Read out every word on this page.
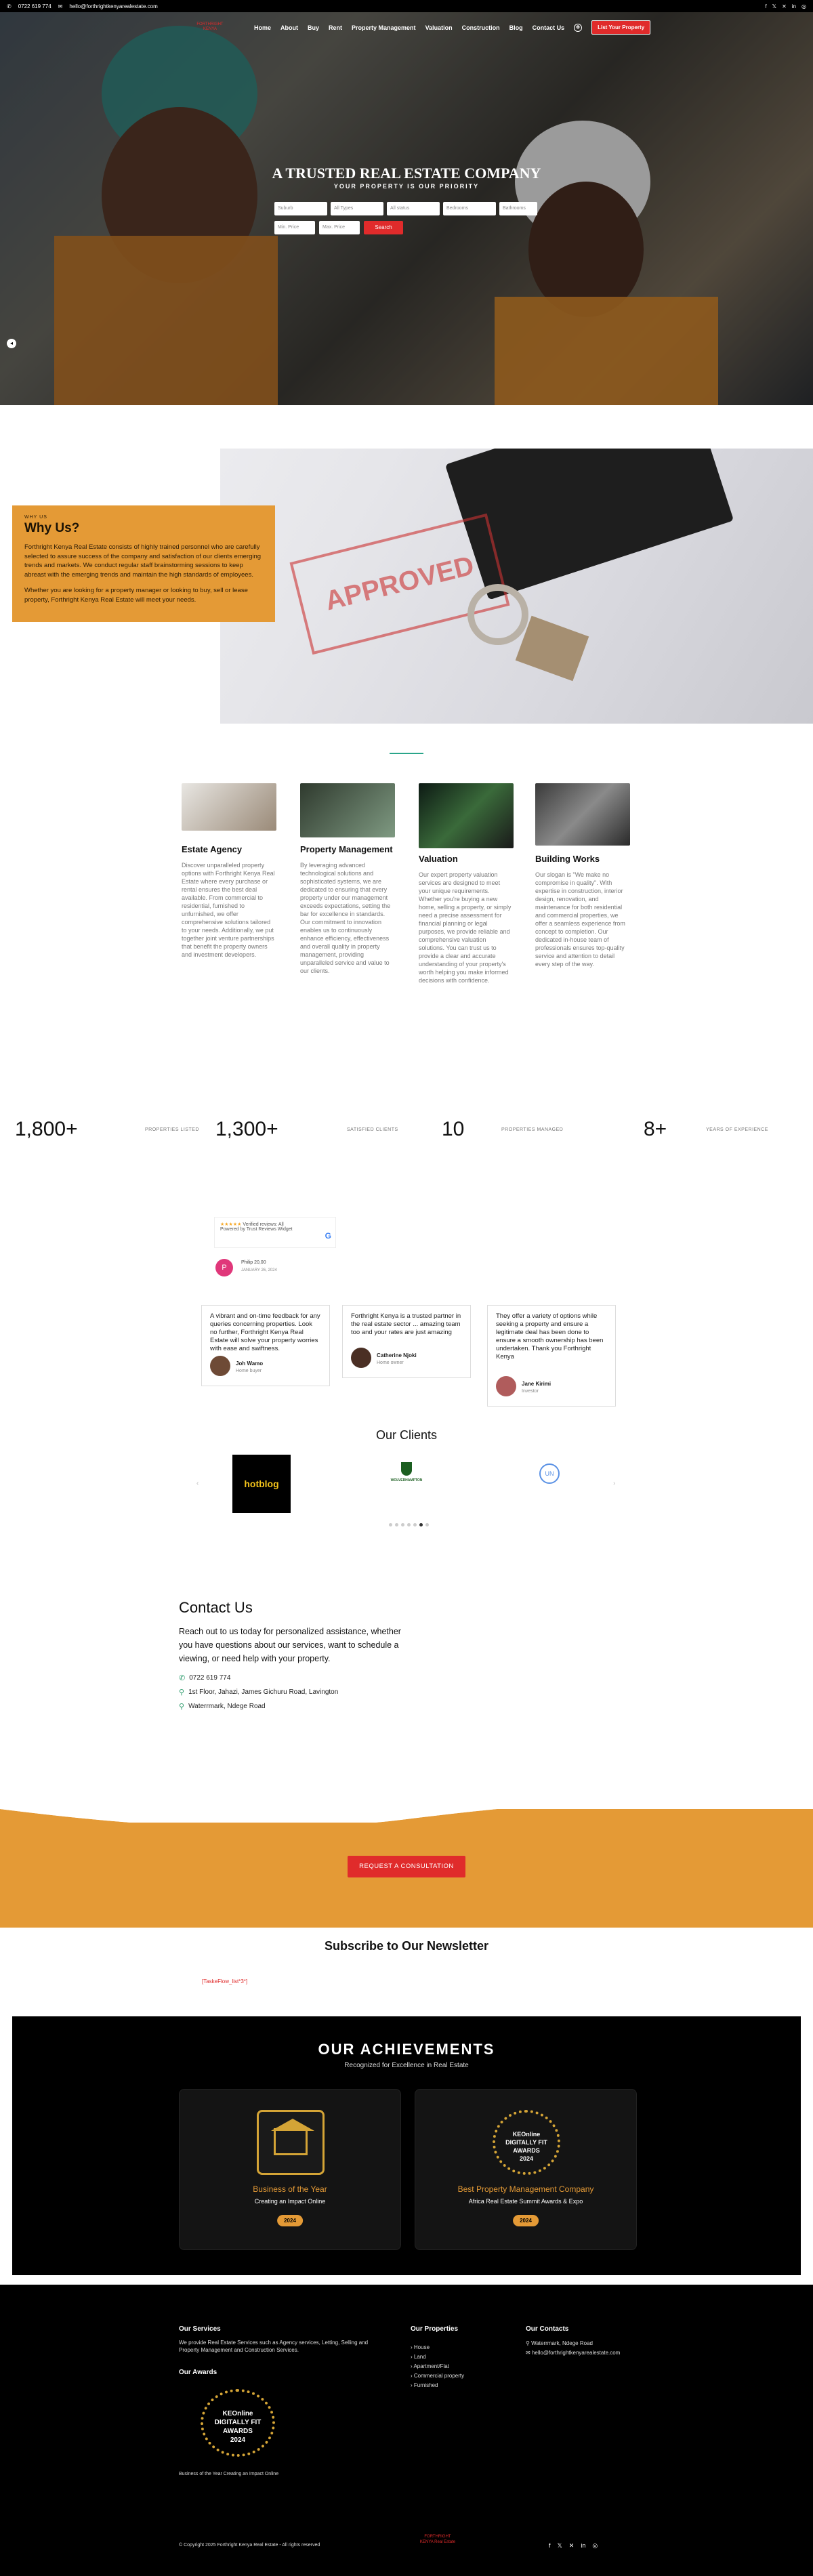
✆ 0722 619 774 ✉ hello@forthrightkenyarealestate.com	f 𝕏 ✕ in ◎
FORTHRIGHT KENYA	Home About Buy Rent Property Management Valuation Construction Blog Contact Us	⊕	List Your Property
A TRUSTED REAL ESTATE COMPANY
YOUR PROPERTY IS OUR PRIORITY
Suburb	All Types	All status	Bedrooms	Bathrooms
Min. Price	Max. Price	Search
◂
APPROVED
WHY US
Why Us?

Forthright Kenya Real Estate consists of highly trained personnel who are carefully selected to assure success of the company and satisfaction of our clients emerging trends and markets. We conduct regular staff brainstorming sessions to keep abreast with the emerging trends and maintain the high standards of employees.

Whether you are looking for a property manager or looking to buy, sell or lease property, Forthright Kenya Real Estate will meet your needs.

Estate Agency

Discover unparalleled property options with Forthright Kenya Real Estate where every purchase or rental ensures the best deal available. From commercial to residential, furnished to unfurnished, we offer comprehensive solutions tailored to your needs. Additionally, we put together joint venture partnerships that benefit the property owners and investment developers.

Property Management

By leveraging advanced technological solutions and sophisticated systems, we are dedicated to ensuring that every property under our management exceeds expectations, setting the bar for excellence in standards. Our commitment to innovation enables us to continuously enhance efficiency, effectiveness and overall quality in property management, providing unparalleled service and value to our clients.

Valuation

Our expert property valuation services are designed to meet your unique requirements. Whether you're buying a new home, selling a property, or simply need a precise assessment for financial planning or legal purposes, we provide reliable and comprehensive valuation solutions. You can trust us to provide a clear and accurate understanding of your property's worth helping you make informed decisions with confidence.

Building Works

Our slogan is "We make no compromise in quality". With expertise in construction, interior design, renovation, and maintenance for both residential and commercial properties, we offer a seamless experience from concept to completion. Our dedicated in-house team of professionals ensures top-quality service and attention to detail every step of the way.

1,800+	PROPERTIES LISTED 1,300+	SATISFIED CLIENTS 10	PROPERTIES MANAGED	8+	YEARS OF EXPERIENCE
★★★★★ Verified reviews: All
Powered by Trust Reviews Widget
G
P
Philip 20,00
JANUARY 26, 2024
A vibrant and on-time feedback for any queries concerning properties. Look no further, Forthright Kenya Real Estate will solve your property worries with ease and swiftness.
Joh Wamo
Home buyer
Forthright Kenya is a trusted partner in the real estate sector ... amazing team too and your rates are just amazing
Catherine Njoki
Home owner
They offer a variety of options while seeking a property and ensure a legitimate deal has been done to ensure a smooth ownership has been undertaken. Thank you Forthright Kenya
Jane Kirimi
Investor
Our Clients
‹	›
hotblog	WOLVERHAMPTON
UN
Contact Us

Reach out to us today for personalized assistance, whether you have questions about our services, want to schedule a viewing, or need help with your property.

✆ 0722 619 774
⚲ 1st Floor, Jahazi, James Gichuru Road, Lavington
⚲ Waterrmark, Ndege Road
REQUEST A CONSULTATION
Subscribe to Our Newsletter
[TaskeFlow_list*3*]
OUR ACHIEVEMENTS
Recognized for Excellence in Real Estate
Business of the Year
Creating an Impact Online
2024
KEOnline
DIGITALLY FIT
AWARDS
2024
Best Property Management Company
Africa Real Estate Summit Awards & Expo
2024
Our Services
We provide Real Estate Services such as Agency services, Letting, Selling and Property Management and Construction Services.
Our Awards
KEOnline
DIGITALLY FIT
AWARDS
2024
Business of the Year Creating an Impact Online
Our Properties
› House
› Land
› Apartment/Flat
› Commercial property
› Furnished
Our Contacts
⚲ Waterrmark, Ndege Road
✉ hello@forthrightkenyarealestate.com
© Copyright 2025 Forthright Kenya Real Estate - All rights reserved
FORTHRIGHT KENYA Real Estate	f 𝕏 ✕ in ◎
